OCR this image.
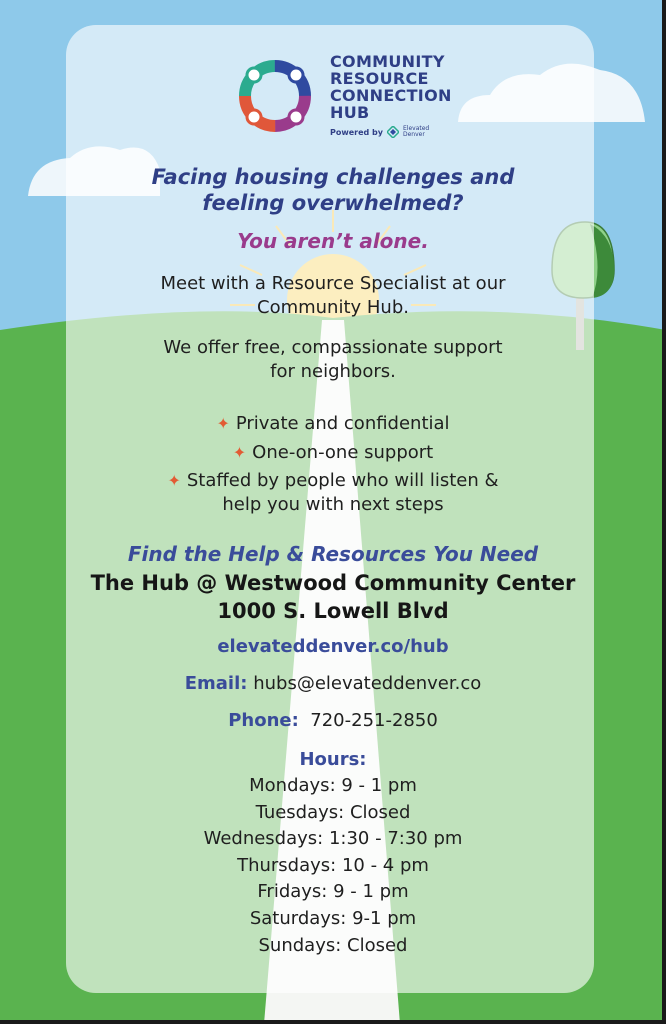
COMMUNITY
RESOURCE
CONNECTION
HUB
Powered by	Elevated
Denver
Facing housing challenges and
feeling overwhelmed?
You aren’t alone.
Meet with a Resource Specialist at our
Community Hub.
We offer free, compassionate support
for neighbors.
✦ Private and confidential
✦ One-on-one support
✦ Staffed by people who will listen &
help you with next steps
Find the Help & Resources You Need
The Hub @ Westwood Community Center
1000 S. Lowell Blvd
elevateddenver.co/hub
Email: hubs@elevateddenver.co
Phone: 720-251-2850
Hours:
Mondays: 9 - 1 pm
Tuesdays: Closed
Wednesdays: 1:30 - 7:30 pm
Thursdays: 10 - 4 pm
Fridays: 9 - 1 pm
Saturdays: 9-1 pm
Sundays: Closed
